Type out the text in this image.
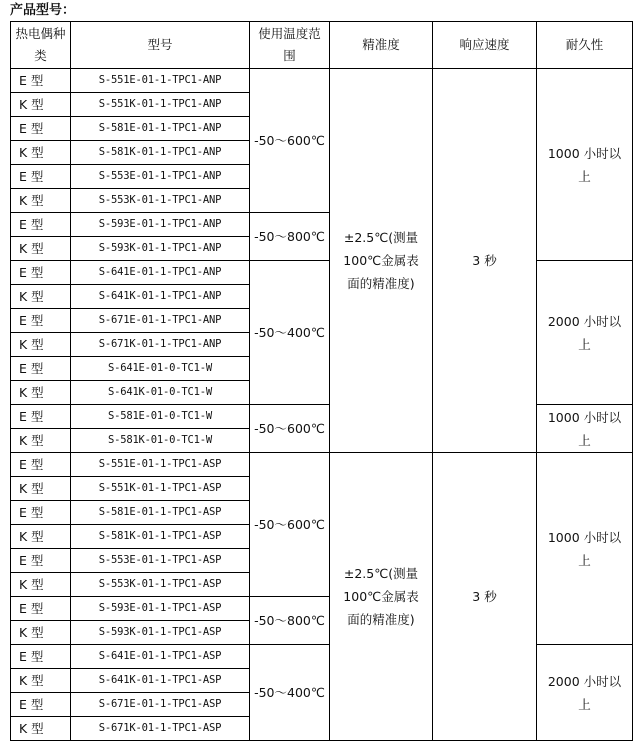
产品型号：
热电偶种类	型号	使用温度范围	精准度	响应速度	耐久性
E 型	S-551E-01-1-TPC1-ANP	-50～600℃	±2.5℃(测量100℃金属表面的精准度)	3 秒	1000 小时以上
K 型	S-551K-01-1-TPC1-ANP				
E 型	S-581E-01-1-TPC1-ANP				
K 型	S-581K-01-1-TPC1-ANP				
E 型	S-553E-01-1-TPC1-ANP				
K 型	S-553K-01-1-TPC1-ANP				
E 型	S-593E-01-1-TPC1-ANP	-50～800℃			
K 型	S-593K-01-1-TPC1-ANP				
E 型	S-641E-01-1-TPC1-ANP	-50～400℃			2000 小时以上
K 型	S-641K-01-1-TPC1-ANP				
E 型	S-671E-01-1-TPC1-ANP				
K 型	S-671K-01-1-TPC1-ANP				
E 型	S-641E-01-0-TC1-W				
K 型	S-641K-01-0-TC1-W				
E 型	S-581E-01-0-TC1-W	-50～600℃			1000 小时以上
K 型	S-581K-01-0-TC1-W				
E 型	S-551E-01-1-TPC1-ASP	-50～600℃	±2.5℃(测量100℃金属表面的精准度)	3 秒	1000 小时以上
K 型	S-551K-01-1-TPC1-ASP				
E 型	S-581E-01-1-TPC1-ASP				
K 型	S-581K-01-1-TPC1-ASP				
E 型	S-553E-01-1-TPC1-ASP				
K 型	S-553K-01-1-TPC1-ASP				
E 型	S-593E-01-1-TPC1-ASP	-50～800℃			
K 型	S-593K-01-1-TPC1-ASP				
E 型	S-641E-01-1-TPC1-ASP	-50～400℃			2000 小时以上
K 型	S-641K-01-1-TPC1-ASP				
E 型	S-671E-01-1-TPC1-ASP				
K 型	S-671K-01-1-TPC1-ASP				
